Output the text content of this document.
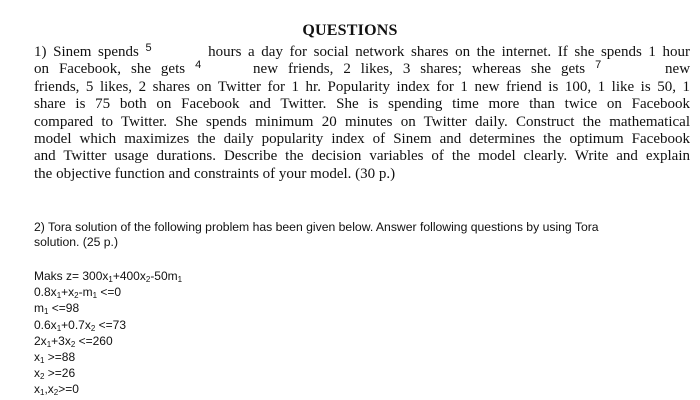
QUESTIONS
1) Sinem spends 5	hours a day for social network shares on the internet. If she spends 1 hour
on Facebook, she gets 4	new friends, 2 likes, 3 shares; whereas she gets 7	new
friends, 5 likes, 2 shares on Twitter for 1 hr. Popularity index for 1 new friend is 100, 1 like is 50, 1
share is 75 both on Facebook and Twitter. She is spending time more than twice on Facebook
compared to Twitter. She spends minimum 20 minutes on Twitter daily. Construct the mathematical
model which maximizes the daily popularity index of Sinem and determines the optimum Facebook
and Twitter usage durations. Describe the decision variables of the model clearly. Write and explain
the objective function and constraints of your model. (30 p.)
2) Tora solution of the following problem has been given below. Answer following questions by using Tora
solution. (25 p.)
Maks $z= 300x_1+400x_2-50m_1$
$0.8x_1+x_2-m_1 <=0$
$m_1 <=98$
$0.6x_1+0.7x_2 <=73$
$2x_1+3x_2 <=260$
$x_1 >=88$
$x_2 >=26$
$x_1,x_2>=0$
